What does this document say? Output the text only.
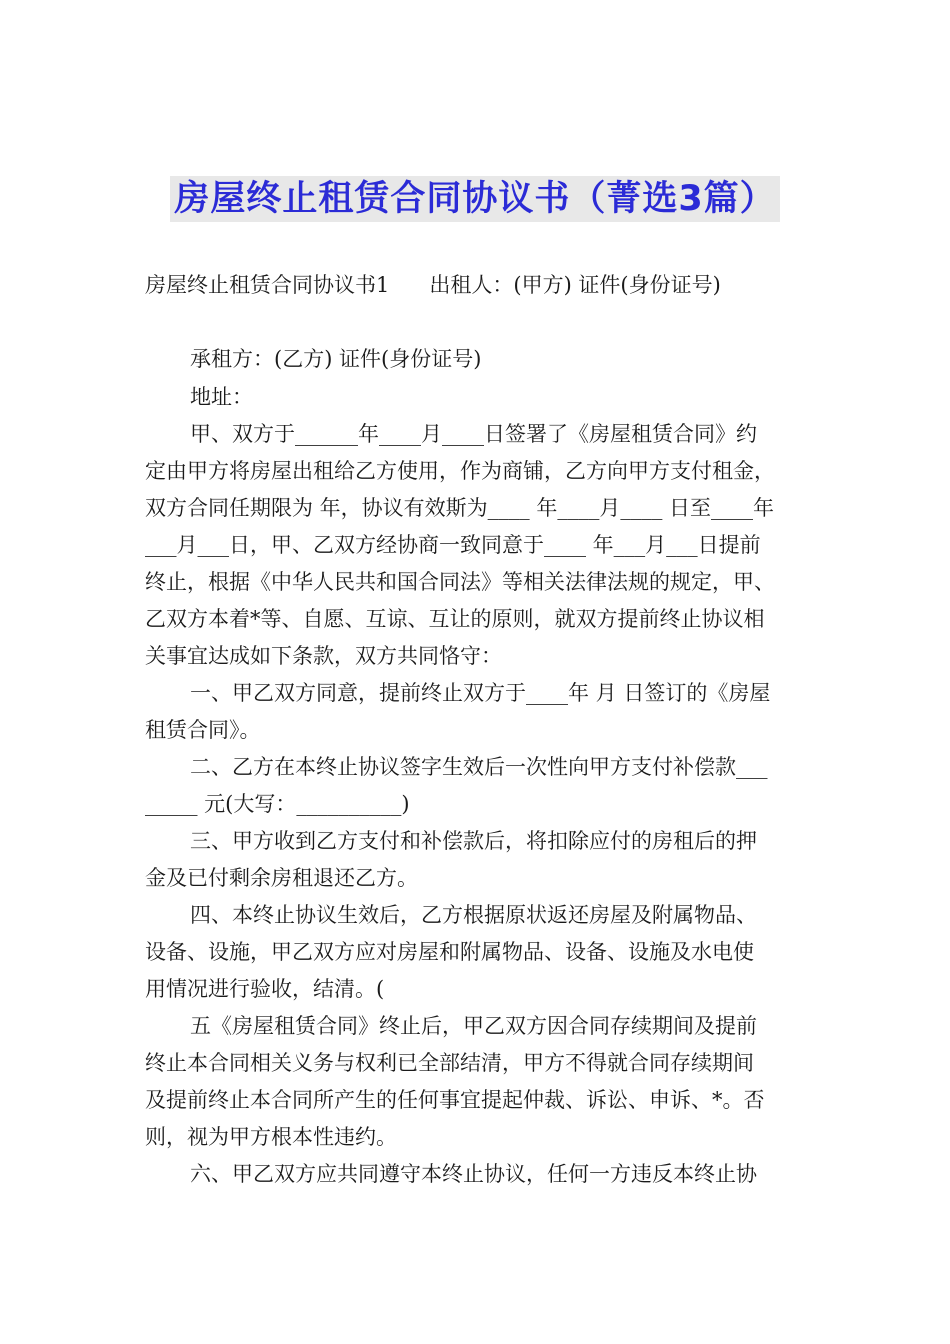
房屋终止租赁合同协议书（菁选3篇）
房屋终止租赁合同协议书1 出租人：(甲方) 证件(身份证号)
承租方：(乙方) 证件(身份证号)
地址：
甲、双方于______年____月____日签署了《房屋租赁合同》约
定由甲方将房屋出租给乙方使用，作为商铺，乙方向甲方支付租金，
双方合同任期限为 年，协议有效斯为____ 年____月____ 日至____年
___月___日，甲、乙双方经协商一致同意于____ 年___月___日提前
终止，根据《中华人民共和国合同法》等相关法律法规的规定，甲、
乙双方本着*等、自愿、互谅、互让的原则，就双方提前终止协议相
关事宜达成如下条款，双方共同恪守：
一、甲乙双方同意，提前终止双方于____年 月 日签订的《房屋
租赁合同》。
二、乙方在本终止协议签字生效后一次性向甲方支付补偿款___
_____ 元(大写：__________)
三、甲方收到乙方支付和补偿款后，将扣除应付的房租后的押
金及已付剩余房租退还乙方。
四、本终止协议生效后，乙方根据原状返还房屋及附属物品、
设备、设施，甲乙双方应对房屋和附属物品、设备、设施及水电使
用情况进行验收，结清。(
五《房屋租赁合同》终止后，甲乙双方因合同存续期间及提前
终止本合同相关义务与权利已全部结清，甲方不得就合同存续期间
及提前终止本合同所产生的任何事宜提起仲裁、诉讼、申诉、*。否
则，视为甲方根本性违约。
六、甲乙双方应共同遵守本终止协议，任何一方违反本终止协
